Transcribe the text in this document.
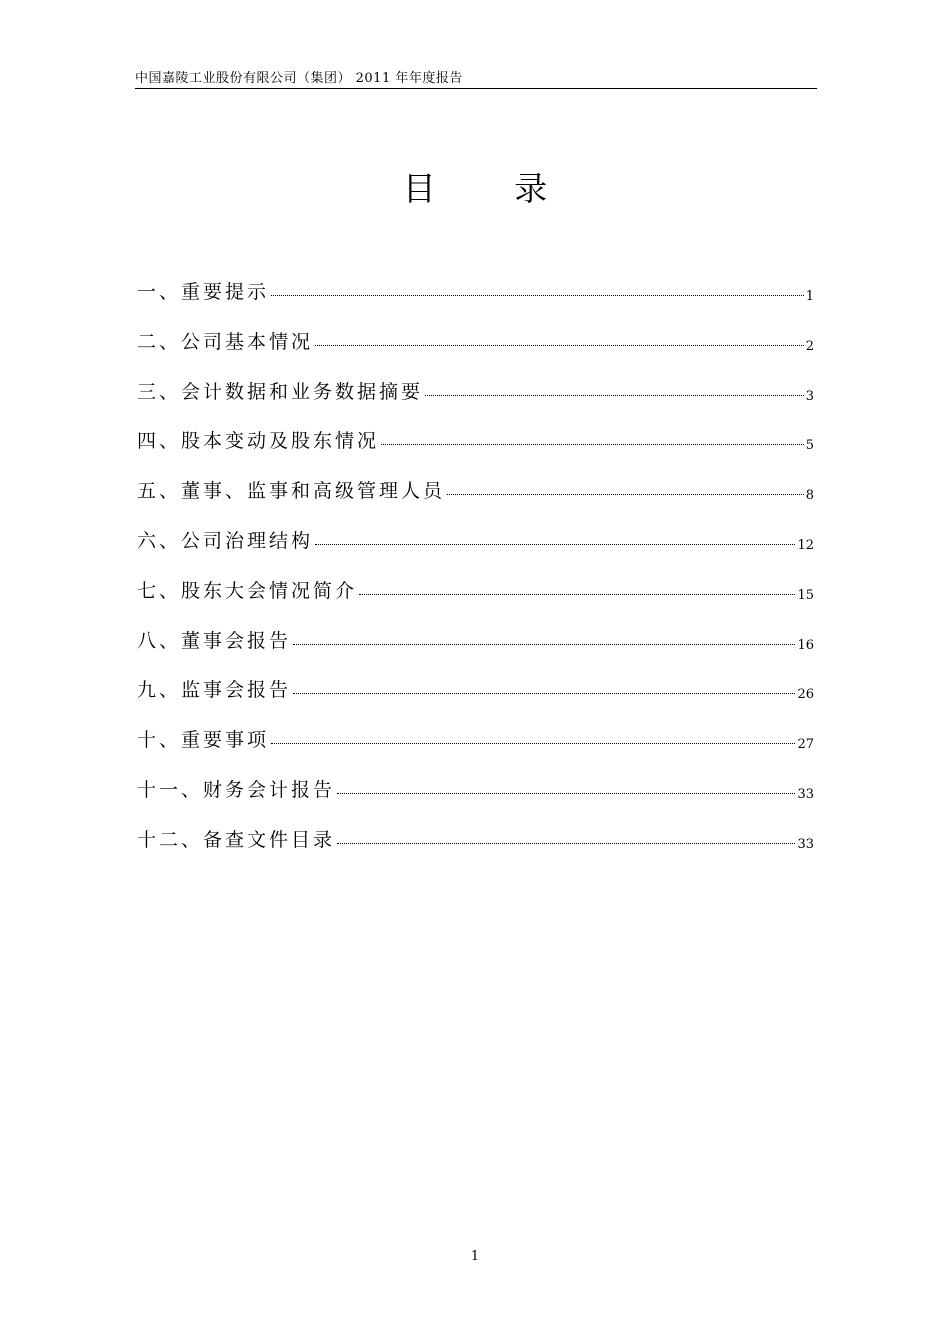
中国嘉陵工业股份有限公司（集团） 2011 年年度报告
目 录
一、重要提示	1
二、公司基本情况	2
三、会计数据和业务数据摘要	3
四、股本变动及股东情况	5
五、董事、监事和高级管理人员	8
六、公司治理结构	12
七、股东大会情况简介	15
八、董事会报告	16
九、监事会报告	26
十、重要事项	27
十一、财务会计报告	33
十二、备查文件目录	33
1
